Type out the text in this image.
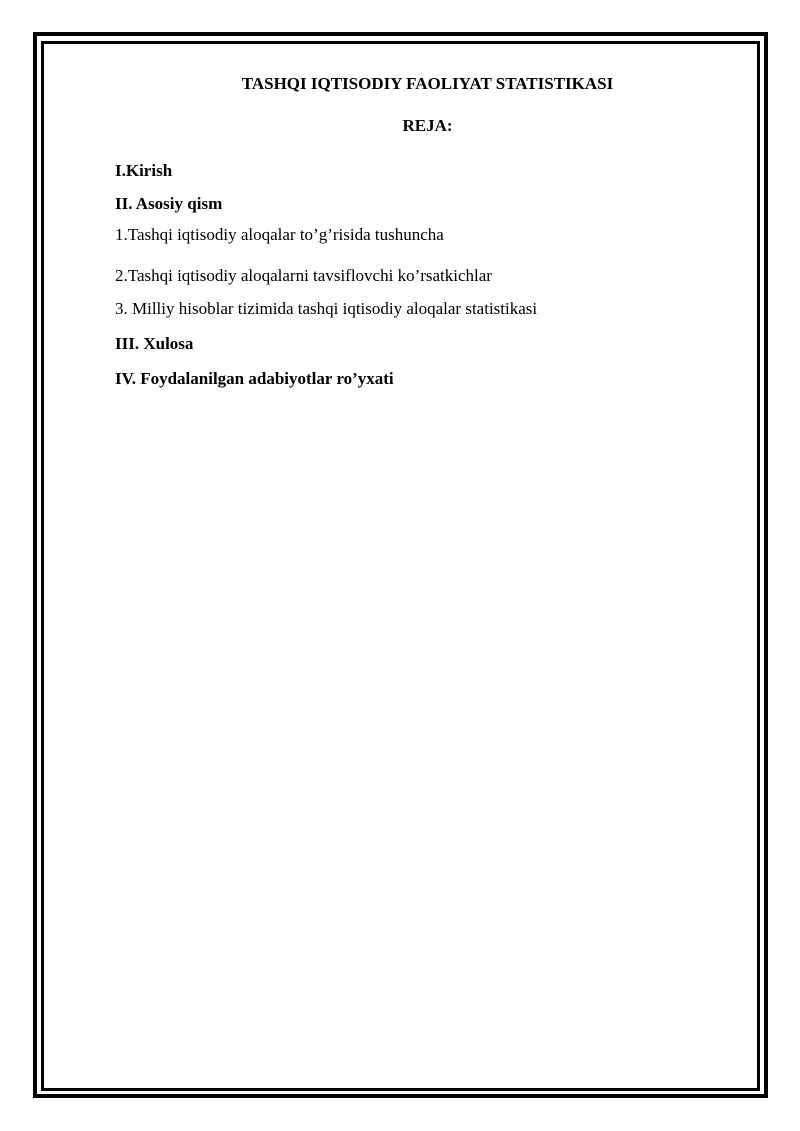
TASHQI IQTISODIY FAOLIYAT STATISTIKASI
REJA:
I.Kirish
II. Asosiy qism
1.Tashqi iqtisodiy aloqalar to’g’risida tushuncha
2.Tashqi iqtisodiy aloqalarni tavsiflovchi ko’rsatkichlar
3. Milliy hisoblar tizimida tashqi iqtisodiy aloqalar statistikasi
III. Xulosa
IV. Foydalanilgan adabiyotlar ro’yxati
